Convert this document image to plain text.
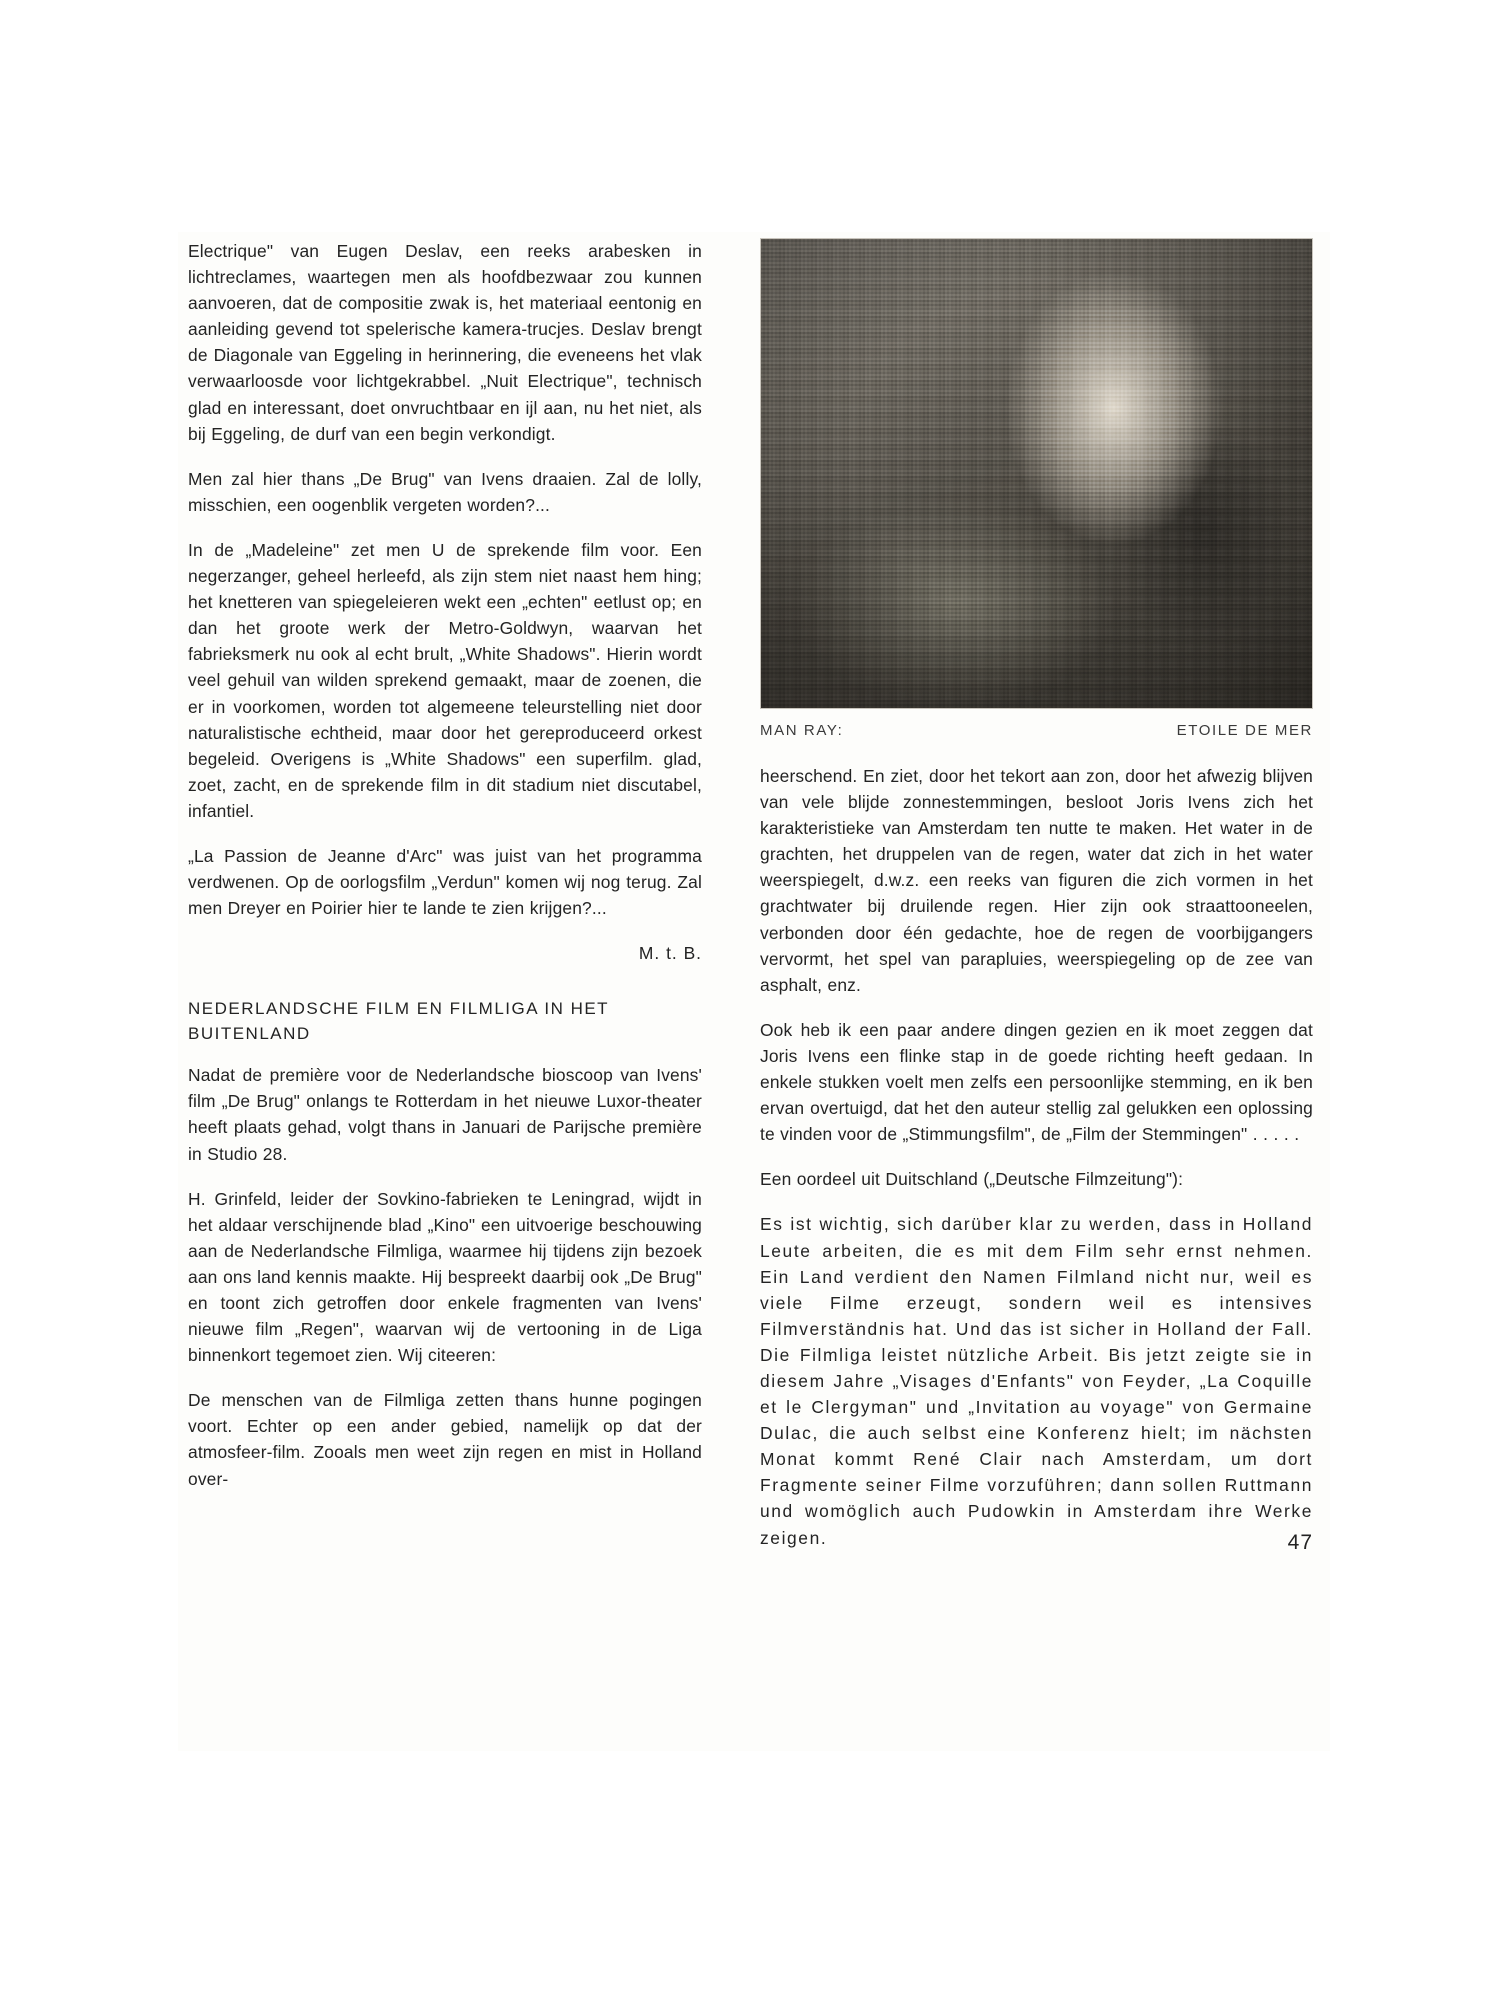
Electrique" van Eugen Deslav, een reeks arabesken in lichtreclames, waartegen men als hoofdbezwaar zou kunnen aanvoeren, dat de compositie zwak is, het materiaal eentonig en aanleiding gevend tot spelerische kamera-trucjes. Deslav brengt de Diagonale van Eggeling in herinnering, die eveneens het vlak verwaarloosde voor lichtgekrabbel. „Nuit Electrique", technisch glad en interessant, doet onvruchtbaar en ijl aan, nu het niet, als bij Eggeling, de durf van een begin verkondigt.

Men zal hier thans „De Brug" van Ivens draaien. Zal de lolly, misschien, een oogenblik vergeten worden?...

In de „Madeleine" zet men U de sprekende film voor. Een negerzanger, geheel herleefd, als zijn stem niet naast hem hing; het knetteren van spiegeleieren wekt een „echten" eetlust op; en dan het groote werk der Metro-Goldwyn, waarvan het fabrieksmerk nu ook al echt brult, „White Shadows". Hierin wordt veel gehuil van wilden sprekend gemaakt, maar de zoenen, die er in voorkomen, worden tot algemeene teleurstelling niet door naturalistische echtheid, maar door het gereproduceerd orkest begeleid. Overigens is „White Shadows" een superfilm. glad, zoet, zacht, en de sprekende film in dit stadium niet discutabel, infantiel.

„La Passion de Jeanne d'Arc" was juist van het programma verdwenen. Op de oorlogsfilm „Verdun" komen wij nog terug. Zal men Dreyer en Poirier hier te lande te zien krijgen?...

M. t. B.
NEDERLANDSCHE FILM EN FILMLIGA IN HET BUITENLAND

Nadat de première voor de Nederlandsche bioscoop van Ivens' film „De Brug" onlangs te Rotterdam in het nieuwe Luxor-theater heeft plaats gehad, volgt thans in Januari de Parijsche première in Studio 28.

H. Grinfeld, leider der Sovkino-fabrieken te Leningrad, wijdt in het aldaar verschijnende blad „Kino" een uitvoerige beschouwing aan de Nederlandsche Filmliga, waarmee hij tijdens zijn bezoek aan ons land kennis maakte. Hij bespreekt daarbij ook „De Brug" en toont zich getroffen door enkele fragmenten van Ivens' nieuwe film „Regen", waarvan wij de vertooning in de Liga binnenkort tegemoet zien. Wij citeeren:

De menschen van de Filmliga zetten thans hunne pogingen voort. Echter op een ander gebied, namelijk op dat der atmosfeer-film. Zooals men weet zijn regen en mist in Holland over-

MAN RAY:	ETOILE DE MER

heerschend. En ziet, door het tekort aan zon, door het afwezig blijven van vele blijde zonnestemmingen, besloot Joris Ivens zich het karakteristieke van Amsterdam ten nutte te maken. Het water in de grachten, het druppelen van de regen, water dat zich in het water weerspiegelt, d.w.z. een reeks van figuren die zich vormen in het grachtwater bij druilende regen. Hier zijn ook straattooneelen, verbonden door één gedachte, hoe de regen de voorbijgangers vervormt, het spel van parapluies, weerspiegeling op de zee van asphalt, enz.

Ook heb ik een paar andere dingen gezien en ik moet zeggen dat Joris Ivens een flinke stap in de goede richting heeft gedaan. In enkele stukken voelt men zelfs een persoonlijke stemming, en ik ben ervan overtuigd, dat het den auteur stellig zal gelukken een oplossing te vinden voor de „Stimmungsfilm", de „Film der Stemmingen" . . . . .

Een oordeel uit Duitschland („Deutsche Filmzeitung"):

Es ist wichtig, sich darüber klar zu werden, dass in Holland Leute arbeiten, die es mit dem Film sehr ernst nehmen. Ein Land verdient den Namen Filmland nicht nur, weil es viele Filme erzeugt, sondern weil es intensives Filmverständnis hat. Und das ist sicher in Holland der Fall. Die Filmliga leistet nützliche Arbeit. Bis jetzt zeigte sie in diesem Jahre „Visages d'Enfants" von Feyder, „La Coquille et le Clergyman" und „Invitation au voyage" von Germaine Dulac, die auch selbst eine Konferenz hielt; im nächsten Monat kommt René Clair nach Amsterdam, um dort Fragmente seiner Filme vorzuführen; dann sollen Ruttmann und womöglich auch Pudowkin in Amsterdam ihre Werke zeigen.	47
